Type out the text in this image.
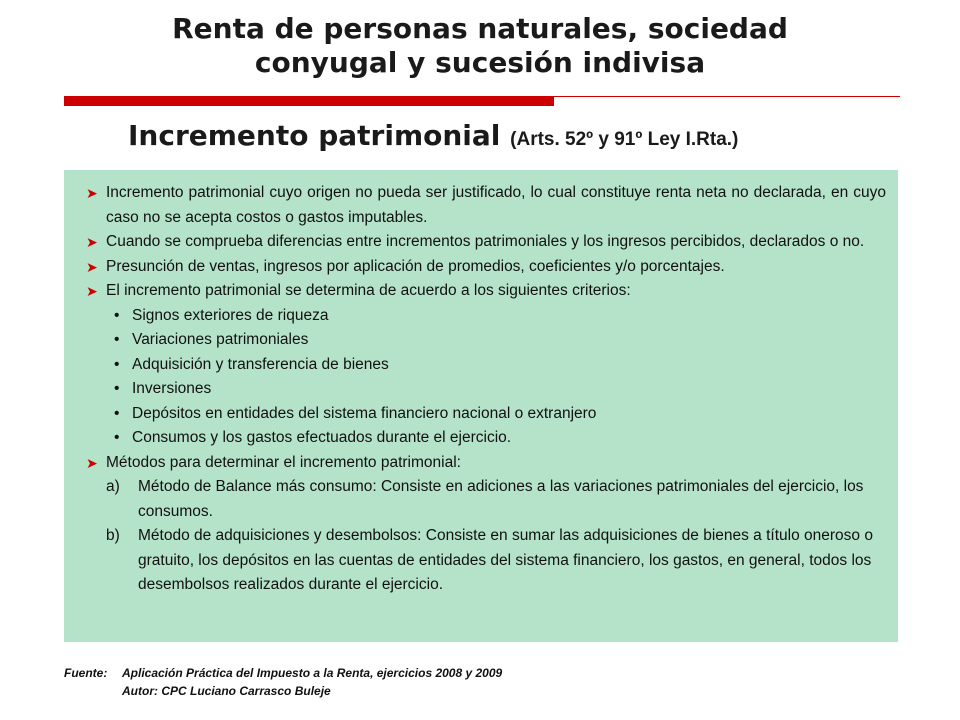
Renta de personas naturales, sociedad
conyugal y sucesión indivisa
Incremento patrimonial (Arts. 52º y 91º Ley I.Rta.)
➤ Incremento patrimonial cuyo origen no pueda ser justificado, lo cual constituye renta neta no declarada, en cuyo caso no se acepta costos o gastos imputables.
➤ Cuando se comprueba diferencias entre incrementos patrimoniales y los ingresos percibidos, declarados o no.
➤ Presunción de ventas, ingresos por aplicación de promedios, coeficientes y/o porcentajes.
➤ El incremento patrimonial se determina de acuerdo a los siguientes criterios:
• Signos exteriores de riqueza
• Variaciones patrimoniales
• Adquisición y transferencia de bienes
• Inversiones
• Depósitos en entidades del sistema financiero nacional o extranjero
• Consumos y los gastos efectuados durante el ejercicio.
➤ Métodos para determinar el incremento patrimonial:
a) Método de Balance más consumo: Consiste en adiciones a las variaciones patrimoniales del ejercicio, los consumos.
b) Método de adquisiciones y desembolsos: Consiste en sumar las adquisiciones de bienes a título oneroso o gratuito, los depósitos en las cuentas de entidades del sistema financiero, los gastos, en general, todos los desembolsos realizados durante el ejercicio.
Fuente: Aplicación Práctica del Impuesto a la Renta, ejercicios 2008 y 2009
Autor: CPC Luciano Carrasco Buleje
